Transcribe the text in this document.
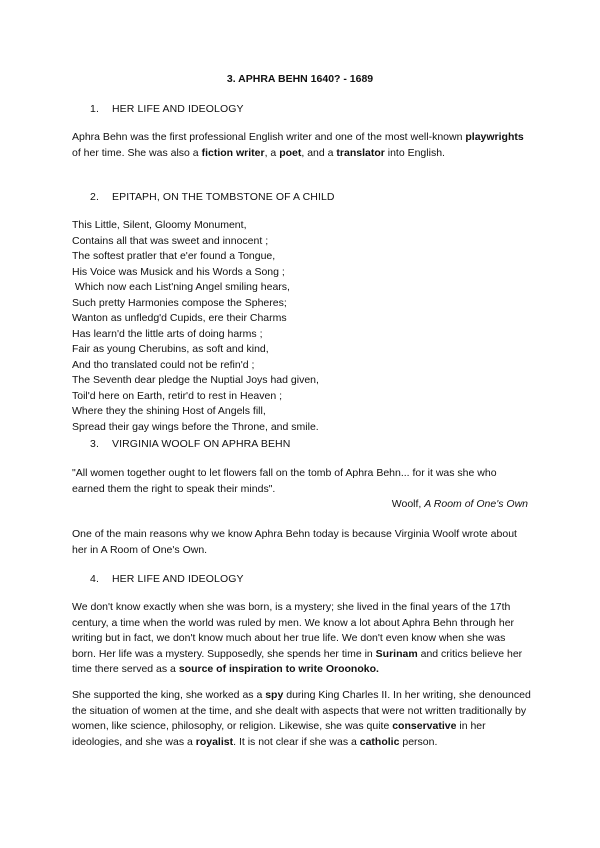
3. APHRA BEHN 1640? - 1689
1. HER LIFE AND IDEOLOGY

Aphra Behn was the first professional English writer and one of the most well-known playwrights of her time. She was also a fiction writer, a poet, and a translator into English.

2. EPITAPH, ON THE TOMBSTONE OF A CHILD
This Little, Silent, Gloomy Monument,
Contains all that was sweet and innocent ;
The softest pratler that e'er found a Tongue,
His Voice was Musick and his Words a Song ;
Which now each List'ning Angel smiling hears,
Such pretty Harmonies compose the Spheres;
Wanton as unfledg'd Cupids, ere their Charms
Has learn'd the little arts of doing harms ;
Fair as young Cherubins, as soft and kind,
And tho translated could not be refin'd ;
The Seventh dear pledge the Nuptial Joys had given,
Toil'd here on Earth, retir'd to rest in Heaven ;
Where they the shining Host of Angels fill,
Spread their gay wings before the Throne, and smile.
3. VIRGINIA WOOLF ON APHRA BEHN

"All women together ought to let flowers fall on the tomb of Aphra Behn... for it was she who earned them the right to speak their minds".

Woolf, A Room of One's Own

One of the main reasons why we know Aphra Behn today is because Virginia Woolf wrote about her in A Room of One's Own.

4. HER LIFE AND IDEOLOGY

We don't know exactly when she was born, is a mystery; she lived in the final years of the 17th century, a time when the world was ruled by men. We know a lot about Aphra Behn through her writing but in fact, we don't know much about her true life. We don't even know when she was born. Her life was a mystery. Supposedly, she spends her time in Surinam and critics believe her time there served as a source of inspiration to write Oroonoko.

She supported the king, she worked as a spy during King Charles II. In her writing, she denounced the situation of women at the time, and she dealt with aspects that were not written traditionally by women, like science, philosophy, or religion. Likewise, she was quite conservative in her ideologies, and she was a royalist. It is not clear if she was a catholic person.
